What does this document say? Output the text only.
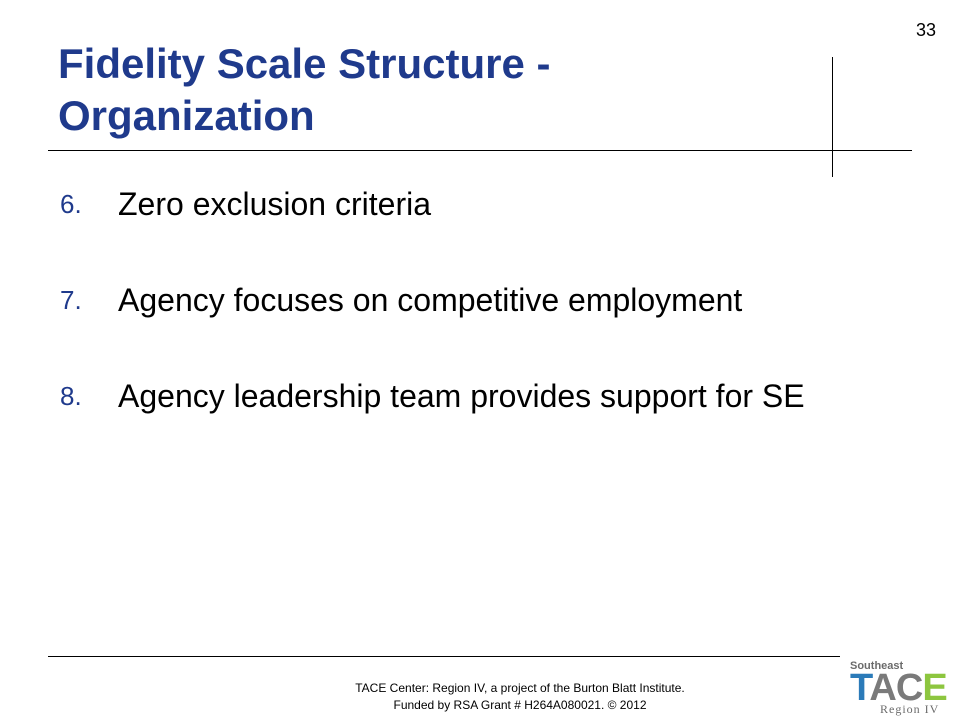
33
Fidelity Scale Structure - Organization
6.	Zero exclusion criteria
7.	Agency focuses on competitive employment
8.	Agency leadership team provides support for SE
TACE Center: Region IV, a project of the Burton Blatt Institute.
Funded by RSA Grant # H264A080021. © 2012
Southeast
TACE
Region IV
